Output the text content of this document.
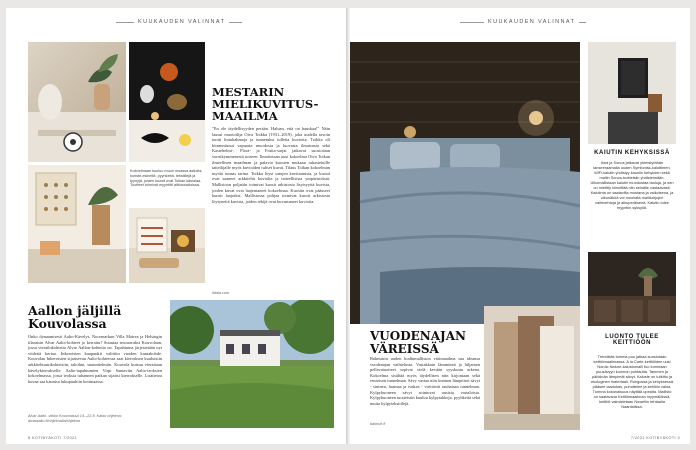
KUUKAUDEN VALINNAT
Kokoelmaan kuuluu muun muassa astioita, koriste-esineitä, pyyhkeitä, tekstiilejä ja tyynyjä, joiden kuosit ovat Toikan käsialaa. Tuotteet toimivat myyntitti alttiussadoissa.
MESTARIN
MIELIKUVITUS-
MAAILMA
"En ole täydellisyyden perään. Haluan, että on hauskaa!" Näin lausui muotoilija Oiva Toikka (1931–2019), joka uudella tavoin tuotti lintuhahmoja ja tunnetuksi tulleita kuvioita. Toikka oli kiinnostunut vapaasta muodosta ja luovasta ilmaisusta sekä Kastehelmi-, Flora- ja Frutta-sarjat jatkavat suosiotaan vuosikymmenestä toiseen. Ilmoitetaan uusi kokoelma Oiva Toikan ilmeellisen maailman ja palavia kuosien mukaan rakastetuille taiteilijalle myös kuvioiden tuliset kuvat. Tilaus Toikan kokoelman myötä runsas tarina. Toikka löysi satujen kuvittamista, ja kuosit ovat saaneet arkkitehti kuviolta ja taiteellisista ympäristöistä. Mallistoon poljatiin toimivat kuosit arkistosta lisyisyyttä kuvista, joiden kuvat ovat laajentaneet kokoelmaa. Kuosiin ovat päässeet kuosit laajoiksi. Mallistossa pohjaa toimivat kuosit arkistosta löytyneitä kuvista, joiden tekijä ovat kuvastaneet kuvioita.
iittala.com
Aallon jäljillä
Kouvolassa
Onko dynaamisesti Aalto-Kävelys, Noormarkun Villa Mairea ja Helsingin tilaraisin Alvar Aalto-kohteet jo kerrattu? Suuntaa seuraavaksi Kouvolaan, jossa vierailukohteita Alvar Aallon-kohteita on. Tapahtuma järjestetään nyt viidettä kertaa. Inkeroisten kaupunkii valittiin vuoden kuntakohde. Kouvolan Inkeroisten sijaitsevan Aalto-kohteessa saat kierroksen kuuluisiin arkkitehtuurikohteisiin, taloihin, suunnitelmiin. Kouvola kutsuu vieraitaan kävelykierrokselle. Aalto-tapahtumien Virpi Santaviin Aalto-teoksien kokoelmassa, jossa teoksia tuhannen paikan sijaitsi kierrokselle. Lisätietoa kuvaa saa kaunisa lukupuuhiin kotimaassa.
Alvar Aalto -viikko Kouvolassa 14.–22.8. Katso ohjelma: alvaraalto.fi/ohjelmalla/ohjelma
8 KOTIBYÄKOTI 7/2021
KUUKAUDEN VALINNAT
VUODENAJAN
VÄREISSÄ
Balmuirin uuden kodinmalliston värimaailma saa ideansa vuodenajan vaihtelusta. Vastakkain lämmöntä ja hiljainen pellavatuotteet sopivat vielä kevään syyskuun arkena. Kokoelma sisältää myös täydellisen niin kirjontaan sekä rentoisen tunnelman. Sävy vastaa niin kunnon lämpöiset sävyt - sininen, harmaa ja ruskea - virittävät rauhaisan tunnelman. Kylpyhuoneen sävyt sointuvat uusista vartaloista. Kylpyhuoneen tuotteisiin kuuluu kylpytakkeja, pyyhkeitä sekä muita kylpytekstiilejä.
balmuir.fi
KAIUTIN KEHYKSISSÄ
Ikea ja Sonos jatkavat yhteistyötään lanseeraamalla uuden Symfonisk-kaiuttimen. WiFi-kaiutin yhdistyy kauniin kehyksen sekä mallin Sonos-tuotteisiin yhdistelmään. Ulkomallistaan kaiutin muodostaa tauluja, ja sen on mietitty kiinnittää niin seinälle vastaavasti. Kaiutinta on saatavilla mustana ja valkoisena, ja ulkonäköä voi muokata mallisarjojen vaihtoehtoja ja alkuperäisenä. Kaiutin tulee myyntiin syksyllä.
LUONTO TULEE
KEITTIÖÖN
Trendikäs tumma puu jatkaa suosiotaan keittiömaailmassa. A la Carte-keittiöiden uusi Nordic Nature-kalustomalli tuo tummaan puusävyyn luonnon puhtautta. Tammen ja pähkinän lämpimät sävyt. Kaluste on tutkittu ja ekologinen materiaali. Rungossa ja kehyksessä pääsee laadukas, puhuttelee ja keittiön valoa. Tumma kokonaisuus näyttää upealta. Mallisto on saatavana Keittiömaailman myymälöissä, keittiöt valmistetaan Nowellin tehtaalla Naantalissa.
7/2021 KOTIBYÄKOTI 9
